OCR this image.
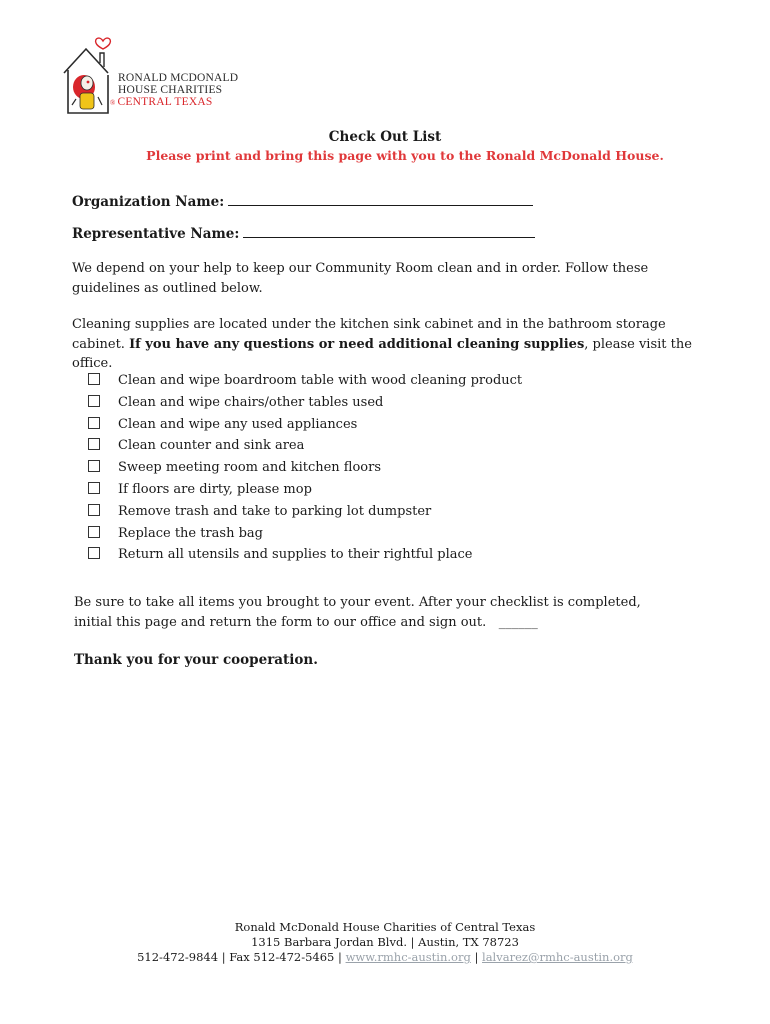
RONALD MCDONALD
HOUSE CHARITIES
® CENTRAL TEXAS
Check Out List
Please print and bring this page with you to the Ronald McDonald House.
Organization Name:
Representative Name:
We depend on your help to keep our Community Room clean and in order. Follow these guidelines as outlined below.
Cleaning supplies are located under the kitchen sink cabinet and in the bathroom storage cabinet. If you have any questions or need additional cleaning supplies, please visit the office.
Clean and wipe boardroom table with wood cleaning product
Clean and wipe chairs/other tables used
Clean and wipe any used appliances
Clean counter and sink area
Sweep meeting room and kitchen floors
If floors are dirty, please mop
Remove trash and take to parking lot dumpster
Replace the trash bag
Return all utensils and supplies to their rightful place
Be sure to take all items you brought to your event. After your checklist is completed, initial this page and return the form to our office and sign out. ______
Thank you for your cooperation.
Ronald McDonald House Charities of Central Texas
1315 Barbara Jordan Blvd. | Austin, TX 78723
512-472-9844 | Fax 512-472-5465 | www.rmhc-austin.org | lalvarez@rmhc-austin.org
